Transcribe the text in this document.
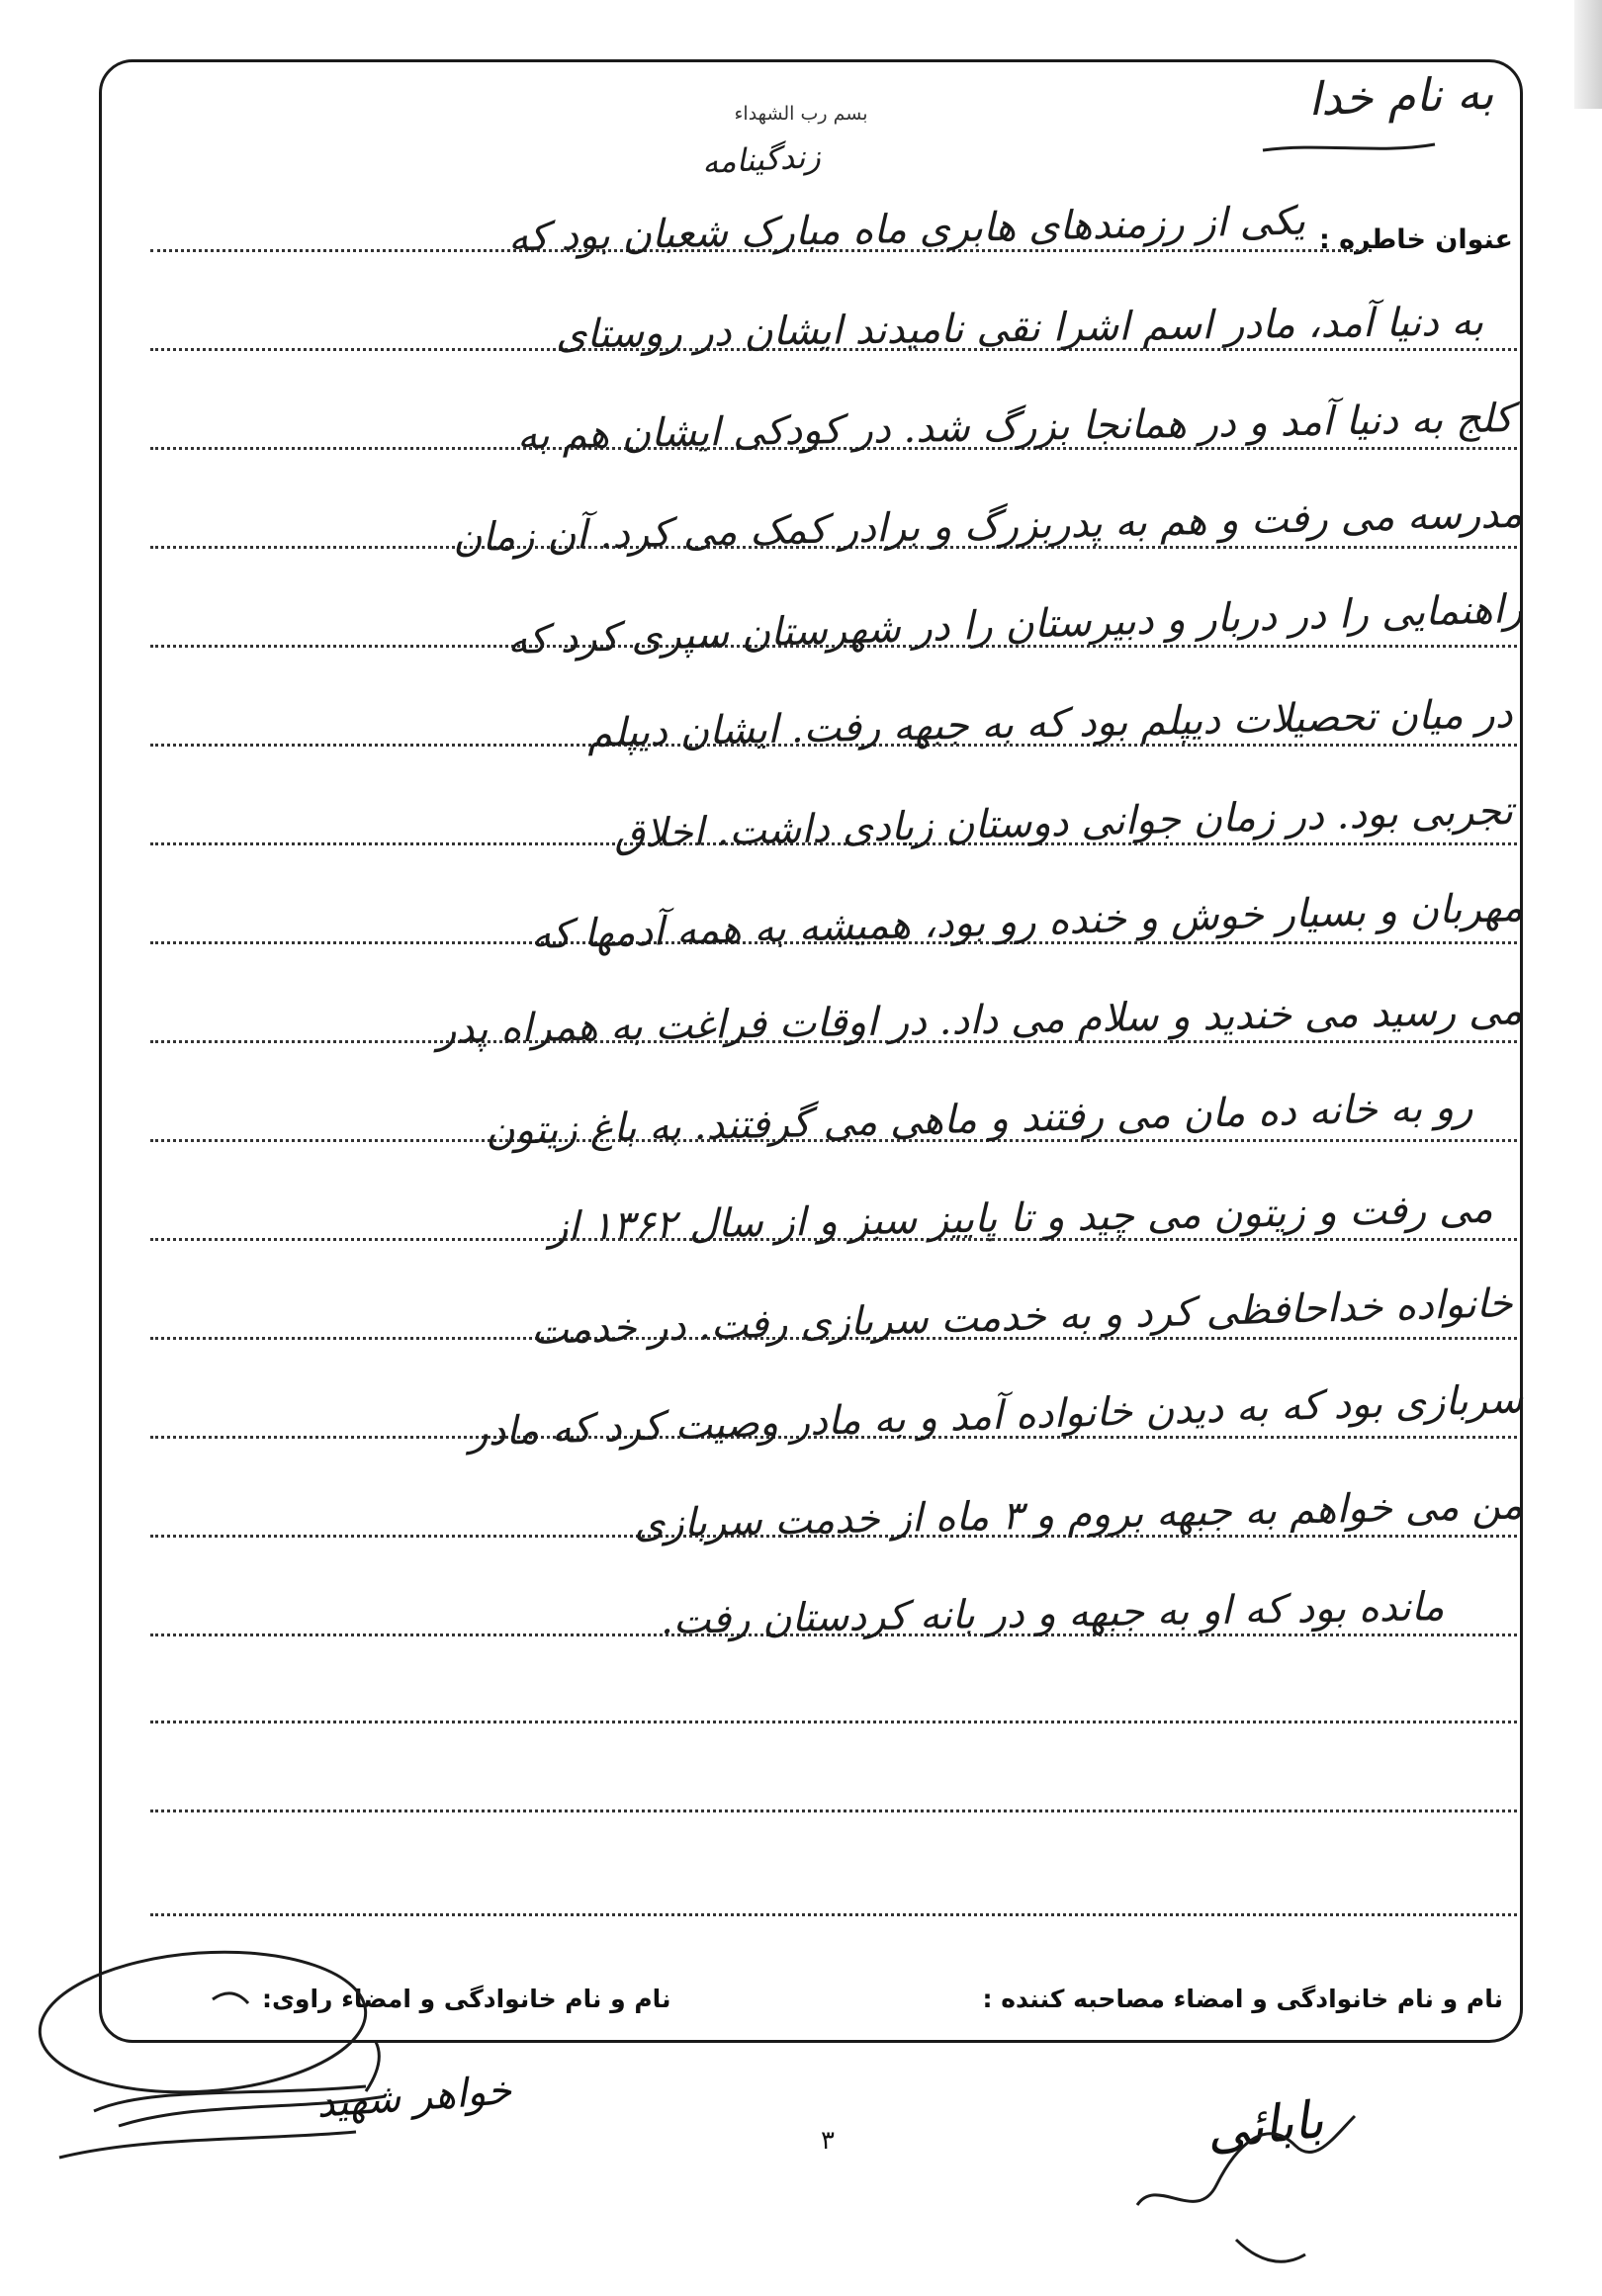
بسم رب الشهداء	به نام خدا
زندگینامه
عنوان خاطره :
یکی از رزمندهای هابری ماه مبارک شعبان بود که
به دنیا آمد، مادر اسم اشرا نقی نامیدند ایشان در روستای
کلج به دنیا آمد و در همانجا بزرگ شد. در کودکی ایشان هم به
مدرسه می رفت و هم به پدربزرگ و برادر کمک می کرد. آن زمان
راهنمایی را در دربار و دبیرستان را در شهرستان سپری کرد که
در میان تحصیلات دیپلم بود که به جبهه رفت. ایشان دیپلم
تجربی بود. در زمان جوانی دوستان زیادی داشت. اخلاق
مهربان و بسیار خوش و خنده رو بود، همیشه به همه آدمها که
می رسید می خندید و سلام می داد. در اوقات فراغت به همراه پدر
رو به خانه ده مان می رفتند و ماهی می گرفتند. به باغ زیتون
می رفت و زیتون می چید و تا پاییز سبز و از سال ۱۳۶۲ از
خانواده خداحافظی کرد و به خدمت سربازی رفت. در خدمت
سربازی بود که به دیدن خانواده آمد و به مادر وصیت کرد که مادر
من می خواهم به جبهه بروم و ۳ ماه از خدمت سربازی
مانده بود که او به جبهه و در بانه کردستان رفت.
نام و نام خانوادگی و امضاء مصاحبه کننده :
نام و نام خانوادگی و امضاء راوی:
خواهر شهید
۳	بابائی
